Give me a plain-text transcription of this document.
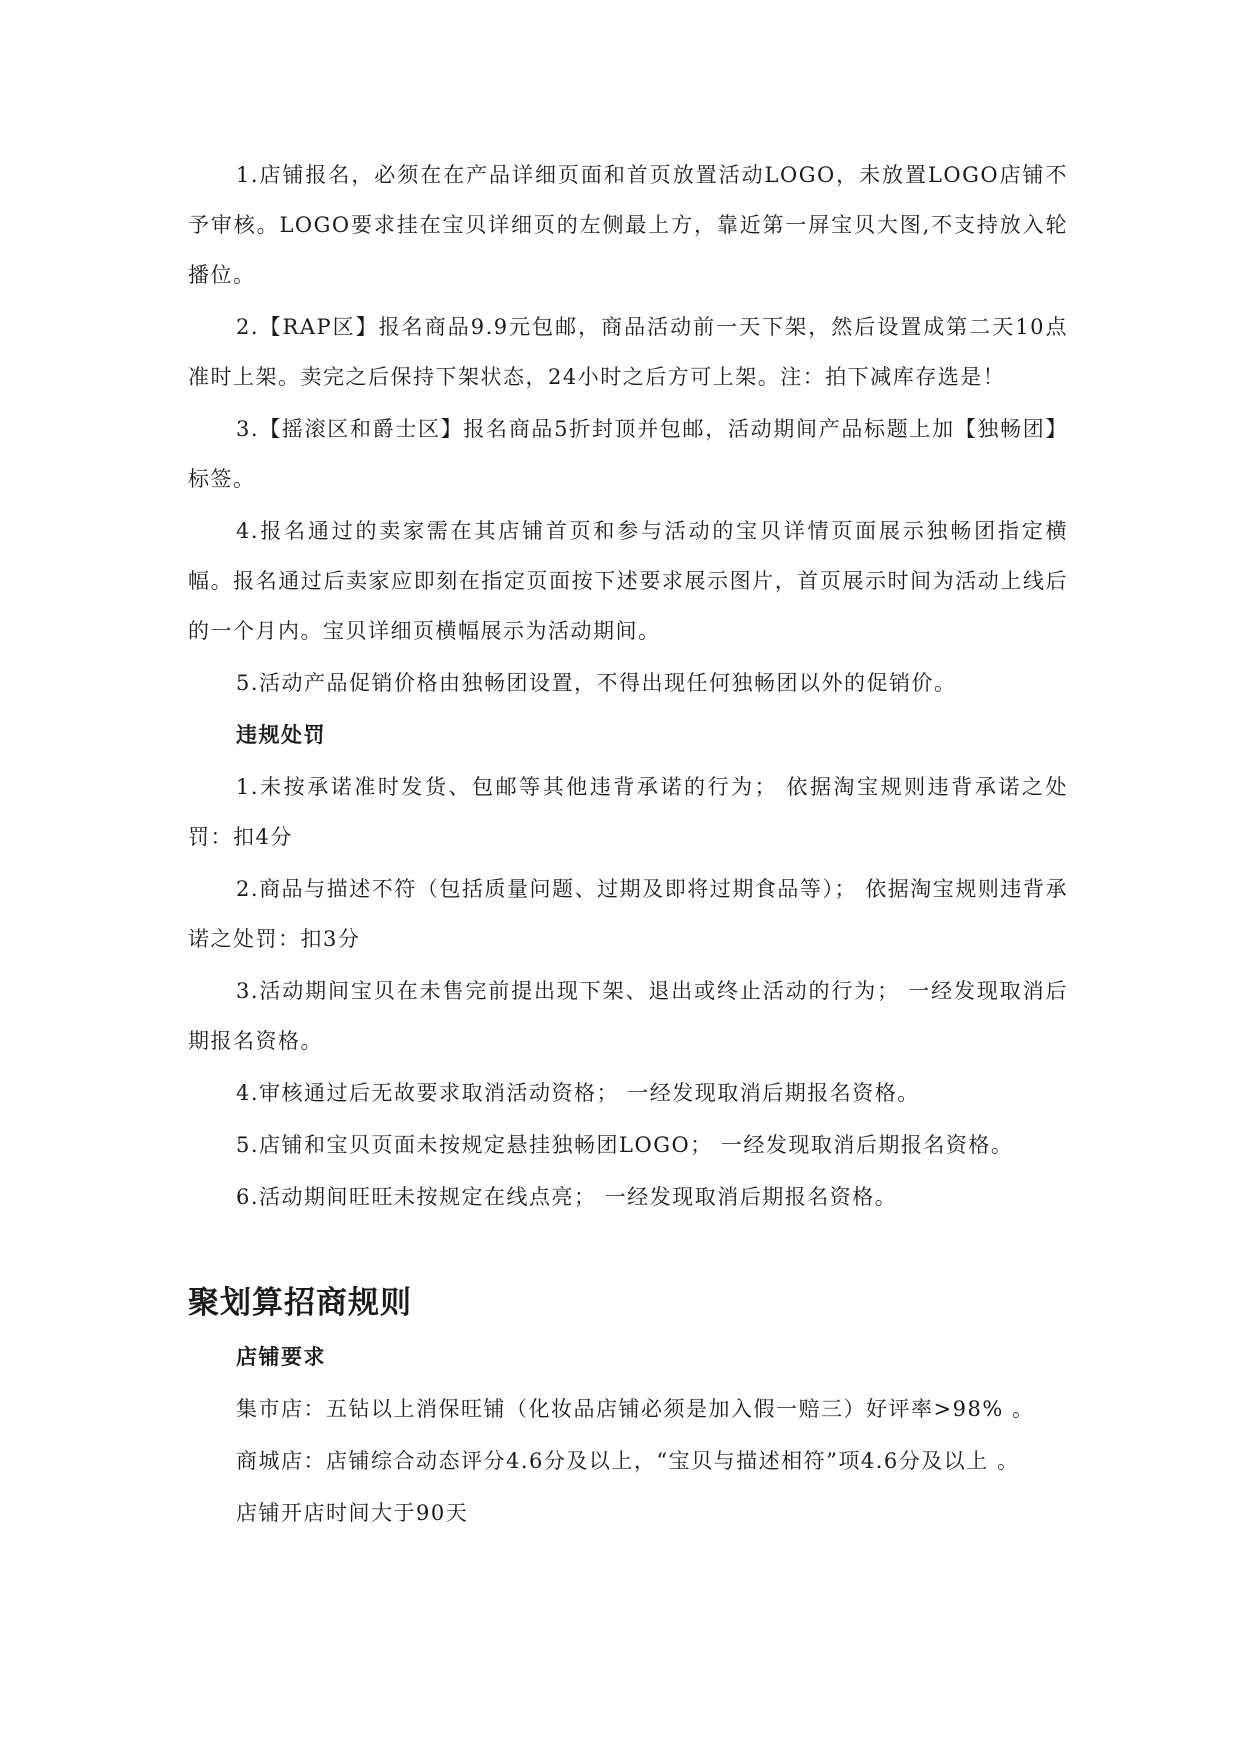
1.店铺报名，必须在在产品详细页面和首页放置活动LOGO，未放置LOGO店铺不予审核。LOGO要求挂在宝贝详细页的左侧最上方，靠近第一屏宝贝大图,不支持放入轮播位。

2.【RAP区】报名商品9.9元包邮，商品活动前一天下架，然后设置成第二天10点准时上架。卖完之后保持下架状态，24小时之后方可上架。注：拍下减库存选是！

3.【摇滚区和爵士区】报名商品5折封顶并包邮，活动期间产品标题上加【独畅团】标签。

4.报名通过的卖家需在其店铺首页和参与活动的宝贝详情页面展示独畅团指定横幅。报名通过后卖家应即刻在指定页面按下述要求展示图片，首页展示时间为活动上线后的一个月内。宝贝详细页横幅展示为活动期间。

5.活动产品促销价格由独畅团设置，不得出现任何独畅团以外的促销价。

违规处罚

1.未按承诺准时发货、包邮等其他违背承诺的行为； 依据淘宝规则违背承诺之处罚：扣4分

2.商品与描述不符（包括质量问题、过期及即将过期食品等）； 依据淘宝规则违背承诺之处罚：扣3分

3.活动期间宝贝在未售完前提出现下架、退出或终止活动的行为； 一经发现取消后期报名资格。

4.审核通过后无故要求取消活动资格； 一经发现取消后期报名资格。

5.店铺和宝贝页面未按规定悬挂独畅团LOGO； 一经发现取消后期报名资格。

6.活动期间旺旺未按规定在线点亮； 一经发现取消后期报名资格。

聚划算招商规则

店铺要求

集市店：五钻以上消保旺铺（化妆品店铺必须是加入假一赔三）好评率>98% 。

商城店：店铺综合动态评分4.6分及以上，“宝贝与描述相符”项4.6分及以上 。

店铺开店时间大于90天
